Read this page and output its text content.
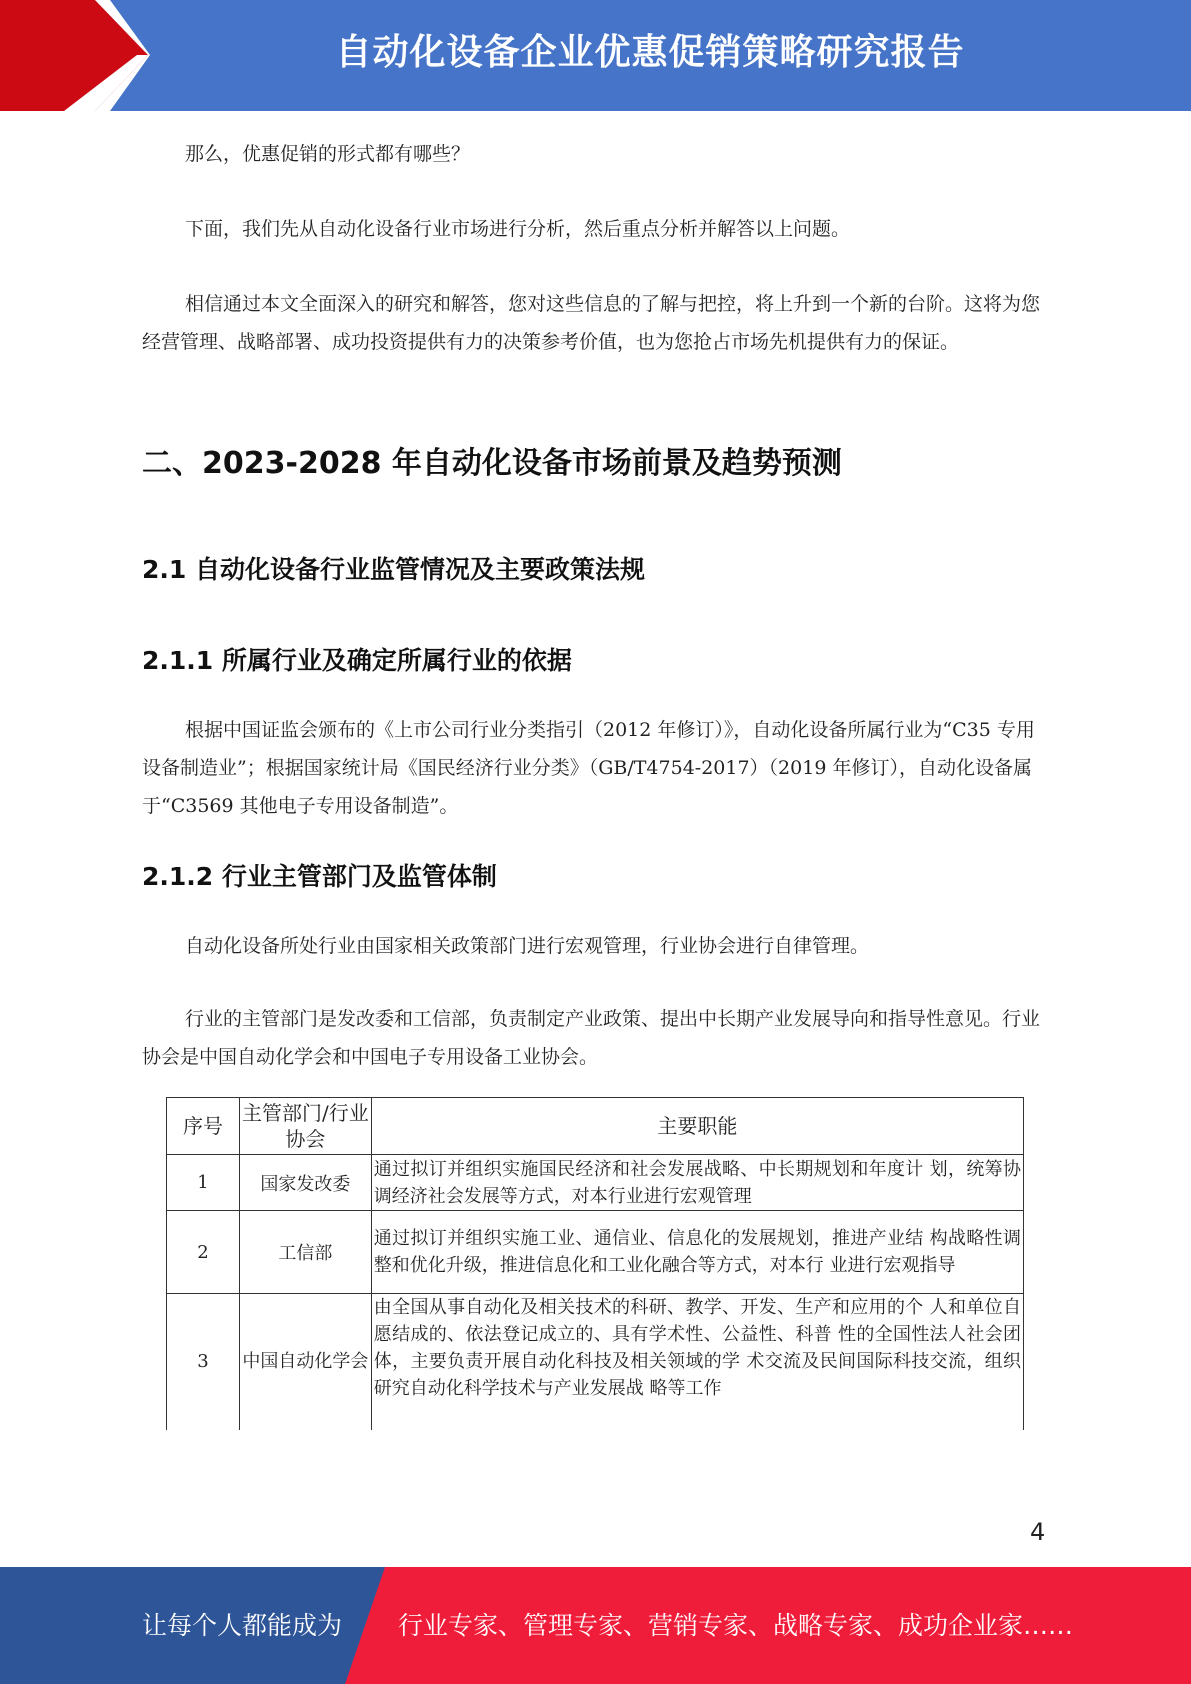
自动化设备企业优惠促销策略研究报告

那么，优惠促销的形式都有哪些？

下面，我们先从自动化设备行业市场进行分析，然后重点分析并解答以上问题。

相信通过本文全面深入的研究和解答，您对这些信息的了解与把控，将上升到一个新的台阶。这将为您经营管理、战略部署、成功投资提供有力的决策参考价值，也为您抢占市场先机提供有力的保证。

二、2023-2028 年自动化设备市场前景及趋势预测
2.1 自动化设备行业监管情况及主要政策法规
2.1.1 所属行业及确定所属行业的依据

根据中国证监会颁布的《上市公司行业分类指引（2012 年修订）》，自动化设备所属行业为“C35 专用设备制造业”；根据国家统计局《国民经济行业分类》（GB/T4754-2017）（2019 年修订），自动化设备属于“C3569 其他电子专用设备制造”。

2.1.2 行业主管部门及监管体制

自动化设备所处行业由国家相关政策部门进行宏观管理，行业协会进行自律管理。

行业的主管部门是发改委和工信部，负责制定产业政策、提出中长期产业发展导向和指导性意见。行业协会是中国自动化学会和中国电子专用设备工业协会。

序号	主管部门/行业协会	主要职能
1	国家发改委	通过拟订并组织实施国民经济和社会发展战略、中长期规划和年度计 划，统筹协调经济社会发展等方式，对本行业进行宏观管理
2	工信部	通过拟订并组织实施工业、通信业、信息化的发展规划，推进产业结 构战略性调整和优化升级，推进信息化和工业化融合等方式，对本行 业进行宏观指导
3	中国自动化学会	由全国从事自动化及相关技术的科研、教学、开发、生产和应用的个 人和单位自愿结成的、依法登记成立的、具有学术性、公益性、科普 性的全国性法人社会团体，主要负责开展自动化科技及相关领域的学 术交流及民间国际科技交流，组织研究自动化科学技术与产业发展战 略等工作
4
让每个人都能成为 行业专家、管理专家、营销专家、战略专家、成功企业家……
